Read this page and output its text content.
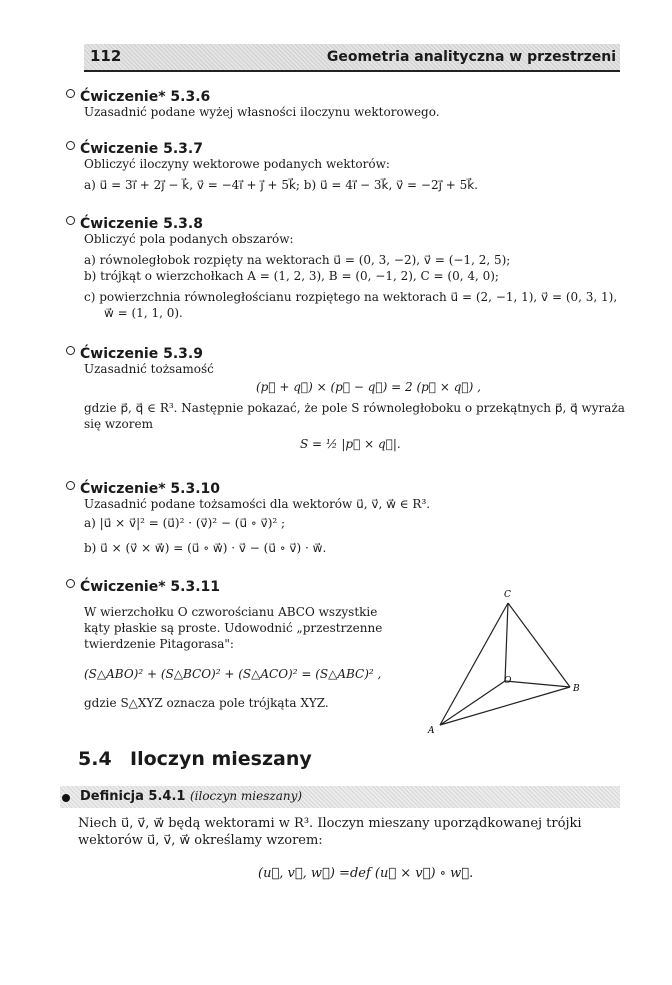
112	Geometria analityczna w przestrzeni
Ćwiczenie* 5.3.6
Uzasadnić podane wyżej własności iloczynu wektorowego.
Ćwiczenie 5.3.7
Obliczyć iloczyny wektorowe podanych wektorów:
a) u⃗ = 3i⃗ + 2j⃗ − k⃗, v⃗ = −4i⃗ + j⃗ + 5k⃗; b) u⃗ = 4i⃗ − 3k⃗, v⃗ = −2j⃗ + 5k⃗.
Ćwiczenie 5.3.8
Obliczyć pola podanych obszarów:
a) równoległobok rozpięty na wektorach u⃗ = (0, 3, −2), v⃗ = (−1, 2, 5);
b) trójkąt o wierzchołkach A = (1, 2, 3), B = (0, −1, 2), C = (0, 4, 0);
c) powierzchnia równoległościanu rozpiętego na wektorach u⃗ = (2, −1, 1), v⃗ = (0, 3, 1),
w⃗ = (1, 1, 0).
Ćwiczenie 5.3.9
Uzasadnić tożsamość
(p⃗ + q⃗) × (p⃗ − q⃗) = 2 (p⃗ × q⃗) ,
gdzie p⃗, q⃗ ∈ R³. Następnie pokazać, że pole S równoległoboku o przekątnych p⃗, q⃗ wyraża
się wzorem
S = ½ |p⃗ × q⃗|.
Ćwiczenie* 5.3.10
Uzasadnić podane tożsamości dla wektorów u⃗, v⃗, w⃗ ∈ R³.
a) |u⃗ × v⃗|² = (u⃗)² · (v⃗)² − (u⃗ ∘ v⃗)² ;
b) u⃗ × (v⃗ × w⃗) = (u⃗ ∘ w⃗) · v⃗ − (u⃗ ∘ v⃗) · w⃗.
Ćwiczenie* 5.3.11
W wierzchołku O czworościanu ABCO wszystkie
kąty płaskie są proste. Udowodnić „przestrzenne
twierdzenie Pitagorasa":
(S△ABO)² + (S△BCO)² + (S△ACO)² = (S△ABC)² ,
gdzie S△XYZ oznacza pole trójkąta XYZ.
C
O
B
A
5.4 Iloczyn mieszany
Definicja 5.4.1 (iloczyn mieszany)
Niech u⃗, v⃗, w⃗ będą wektorami w R³. Iloczyn mieszany uporządkowanej trójki
wektorów u⃗, v⃗, w⃗ określamy wzorem:
(u⃗, v⃗, w⃗) =def (u⃗ × v⃗) ∘ w⃗.
